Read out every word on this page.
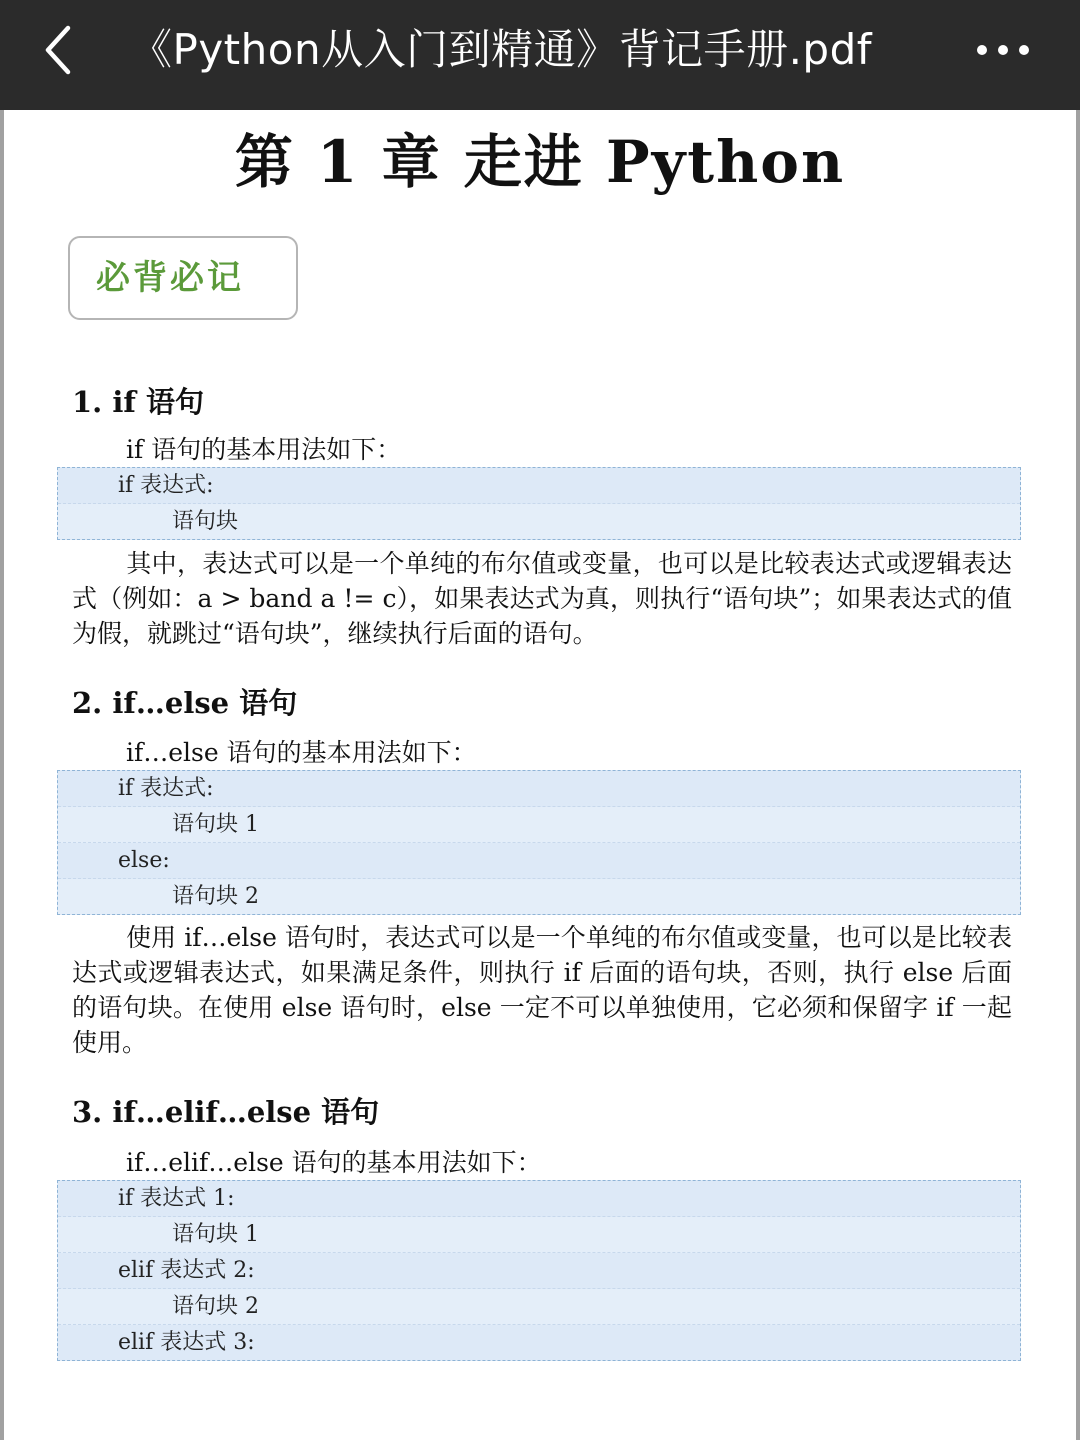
《Python从入门到精通》背记手册.pdf
第 1 章 走进 Python
必背必记
1. if 语句
if 语句的基本用法如下：
if 表达式:
语句块
其中，表达式可以是一个单纯的布尔值或变量，也可以是比较表达式或逻辑表达式（例如：a > band a != c），如果表达式为真，则执行“语句块”；如果表达式的值为假，就跳过“语句块”，继续执行后面的语句。
2. if…else 语句
if…else 语句的基本用法如下：
if 表达式:
语句块 1
else:
语句块 2
使用 if…else 语句时，表达式可以是一个单纯的布尔值或变量，也可以是比较表达式或逻辑表达式，如果满足条件，则执行 if 后面的语句块，否则，执行 else 后面的语句块。在使用 else 语句时，else 一定不可以单独使用，它必须和保留字 if 一起使用。
3. if…elif…else 语句
if…elif…else 语句的基本用法如下：
if 表达式 1:
语句块 1
elif 表达式 2:
语句块 2
elif 表达式 3:
